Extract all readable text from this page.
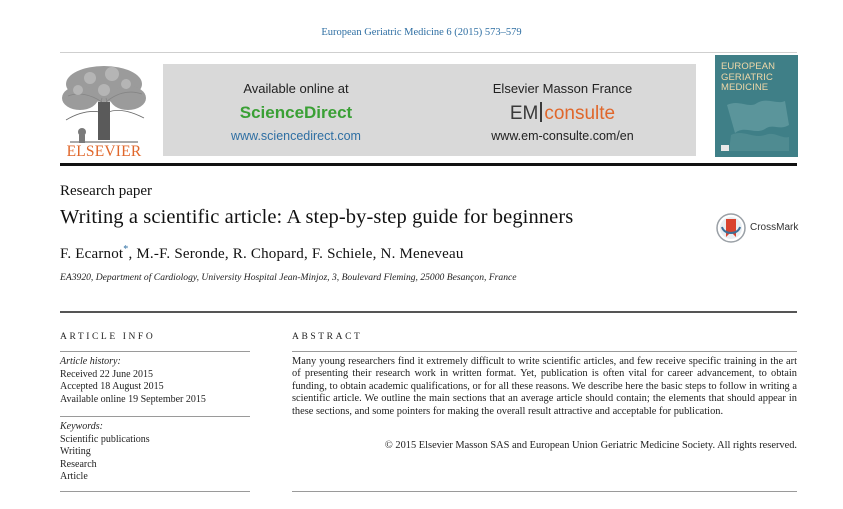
European Geriatric Medicine 6 (2015) 573–579
ELSEVIER
Available online at
ScienceDirect
www.sciencedirect.com
Elsevier Masson France
EM consulte
www.em-consulte.com/en
EUROPEAN
GERIATRIC
MEDICINE
Research paper
Writing a scientific article: A step-by-step guide for beginners	CrossMark
F. Ecarnot*, M.-F. Seronde, R. Chopard, F. Schiele, N. Meneveau
EA3920, Department of Cardiology, University Hospital Jean-Minjoz, 3, Boulevard Fleming, 25000 Besançon, France
ARTICLE INFO
Article history:
Received 22 June 2015
Accepted 18 August 2015
Available online 19 September 2015
Keywords:
Scientific publications
Writing
Research
Article
ABSTRACT
Many young researchers find it extremely difficult to write scientific articles, and few receive specific training in the art of presenting their research work in written format. Yet, publication is often vital for career advancement, to obtain funding, to obtain academic qualifications, or for all these reasons. We describe here the basic steps to follow in writing a scientific article. We outline the main sections that an average article should contain; the elements that should appear in these sections, and some pointers for making the overall result attractive and acceptable for publication.
© 2015 Elsevier Masson SAS and European Union Geriatric Medicine Society. All rights reserved.
